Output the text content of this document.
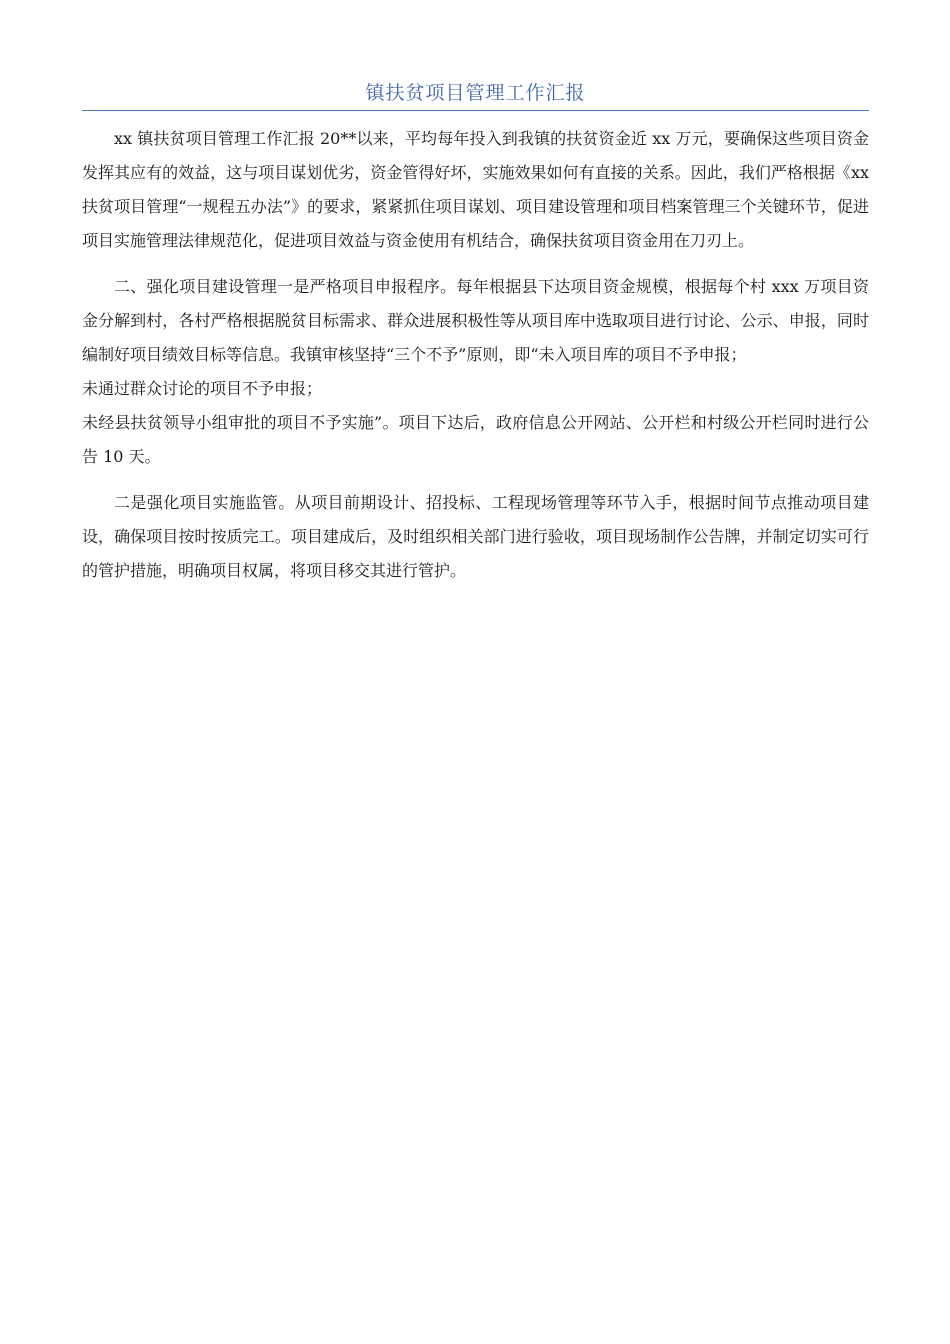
镇扶贫项目管理工作汇报

xx 镇扶贫项目管理工作汇报 20**以来，平均每年投入到我镇的扶贫资金近 xx 万元，要确保这些项目资金发挥其应有的效益，这与项目谋划优劣，资金管得好坏，实施效果如何有直接的关系。因此，我们严格根据《xx 扶贫项目管理“一规程五办法”》的要求，紧紧抓住项目谋划、项目建设管理和项目档案管理三个关键环节，促进项目实施管理法律规范化，促进项目效益与资金使用有机结合，确保扶贫项目资金用在刀刃上。

二、强化项目建设管理一是严格项目申报程序。每年根据县下达项目资金规模，根据每个村 xxx 万项目资金分解到村，各村严格根据脱贫目标需求、群众进展积极性等从项目库中选取项目进行讨论、公示、申报，同时编制好项目绩效目标等信息。我镇审核坚持“三个不予”原则，即“未入项目库的项目不予申报；

未通过群众讨论的项目不予申报；

未经县扶贫领导小组审批的项目不予实施”。项目下达后，政府信息公开网站、公开栏和村级公开栏同时进行公告 10 天。

二是强化项目实施监管。从项目前期设计、招投标、工程现场管理等环节入手，根据时间节点推动项目建设，确保项目按时按质完工。项目建成后，及时组织相关部门进行验收，项目现场制作公告牌，并制定切实可行的管护措施，明确项目权属，将项目移交其进行管护。
